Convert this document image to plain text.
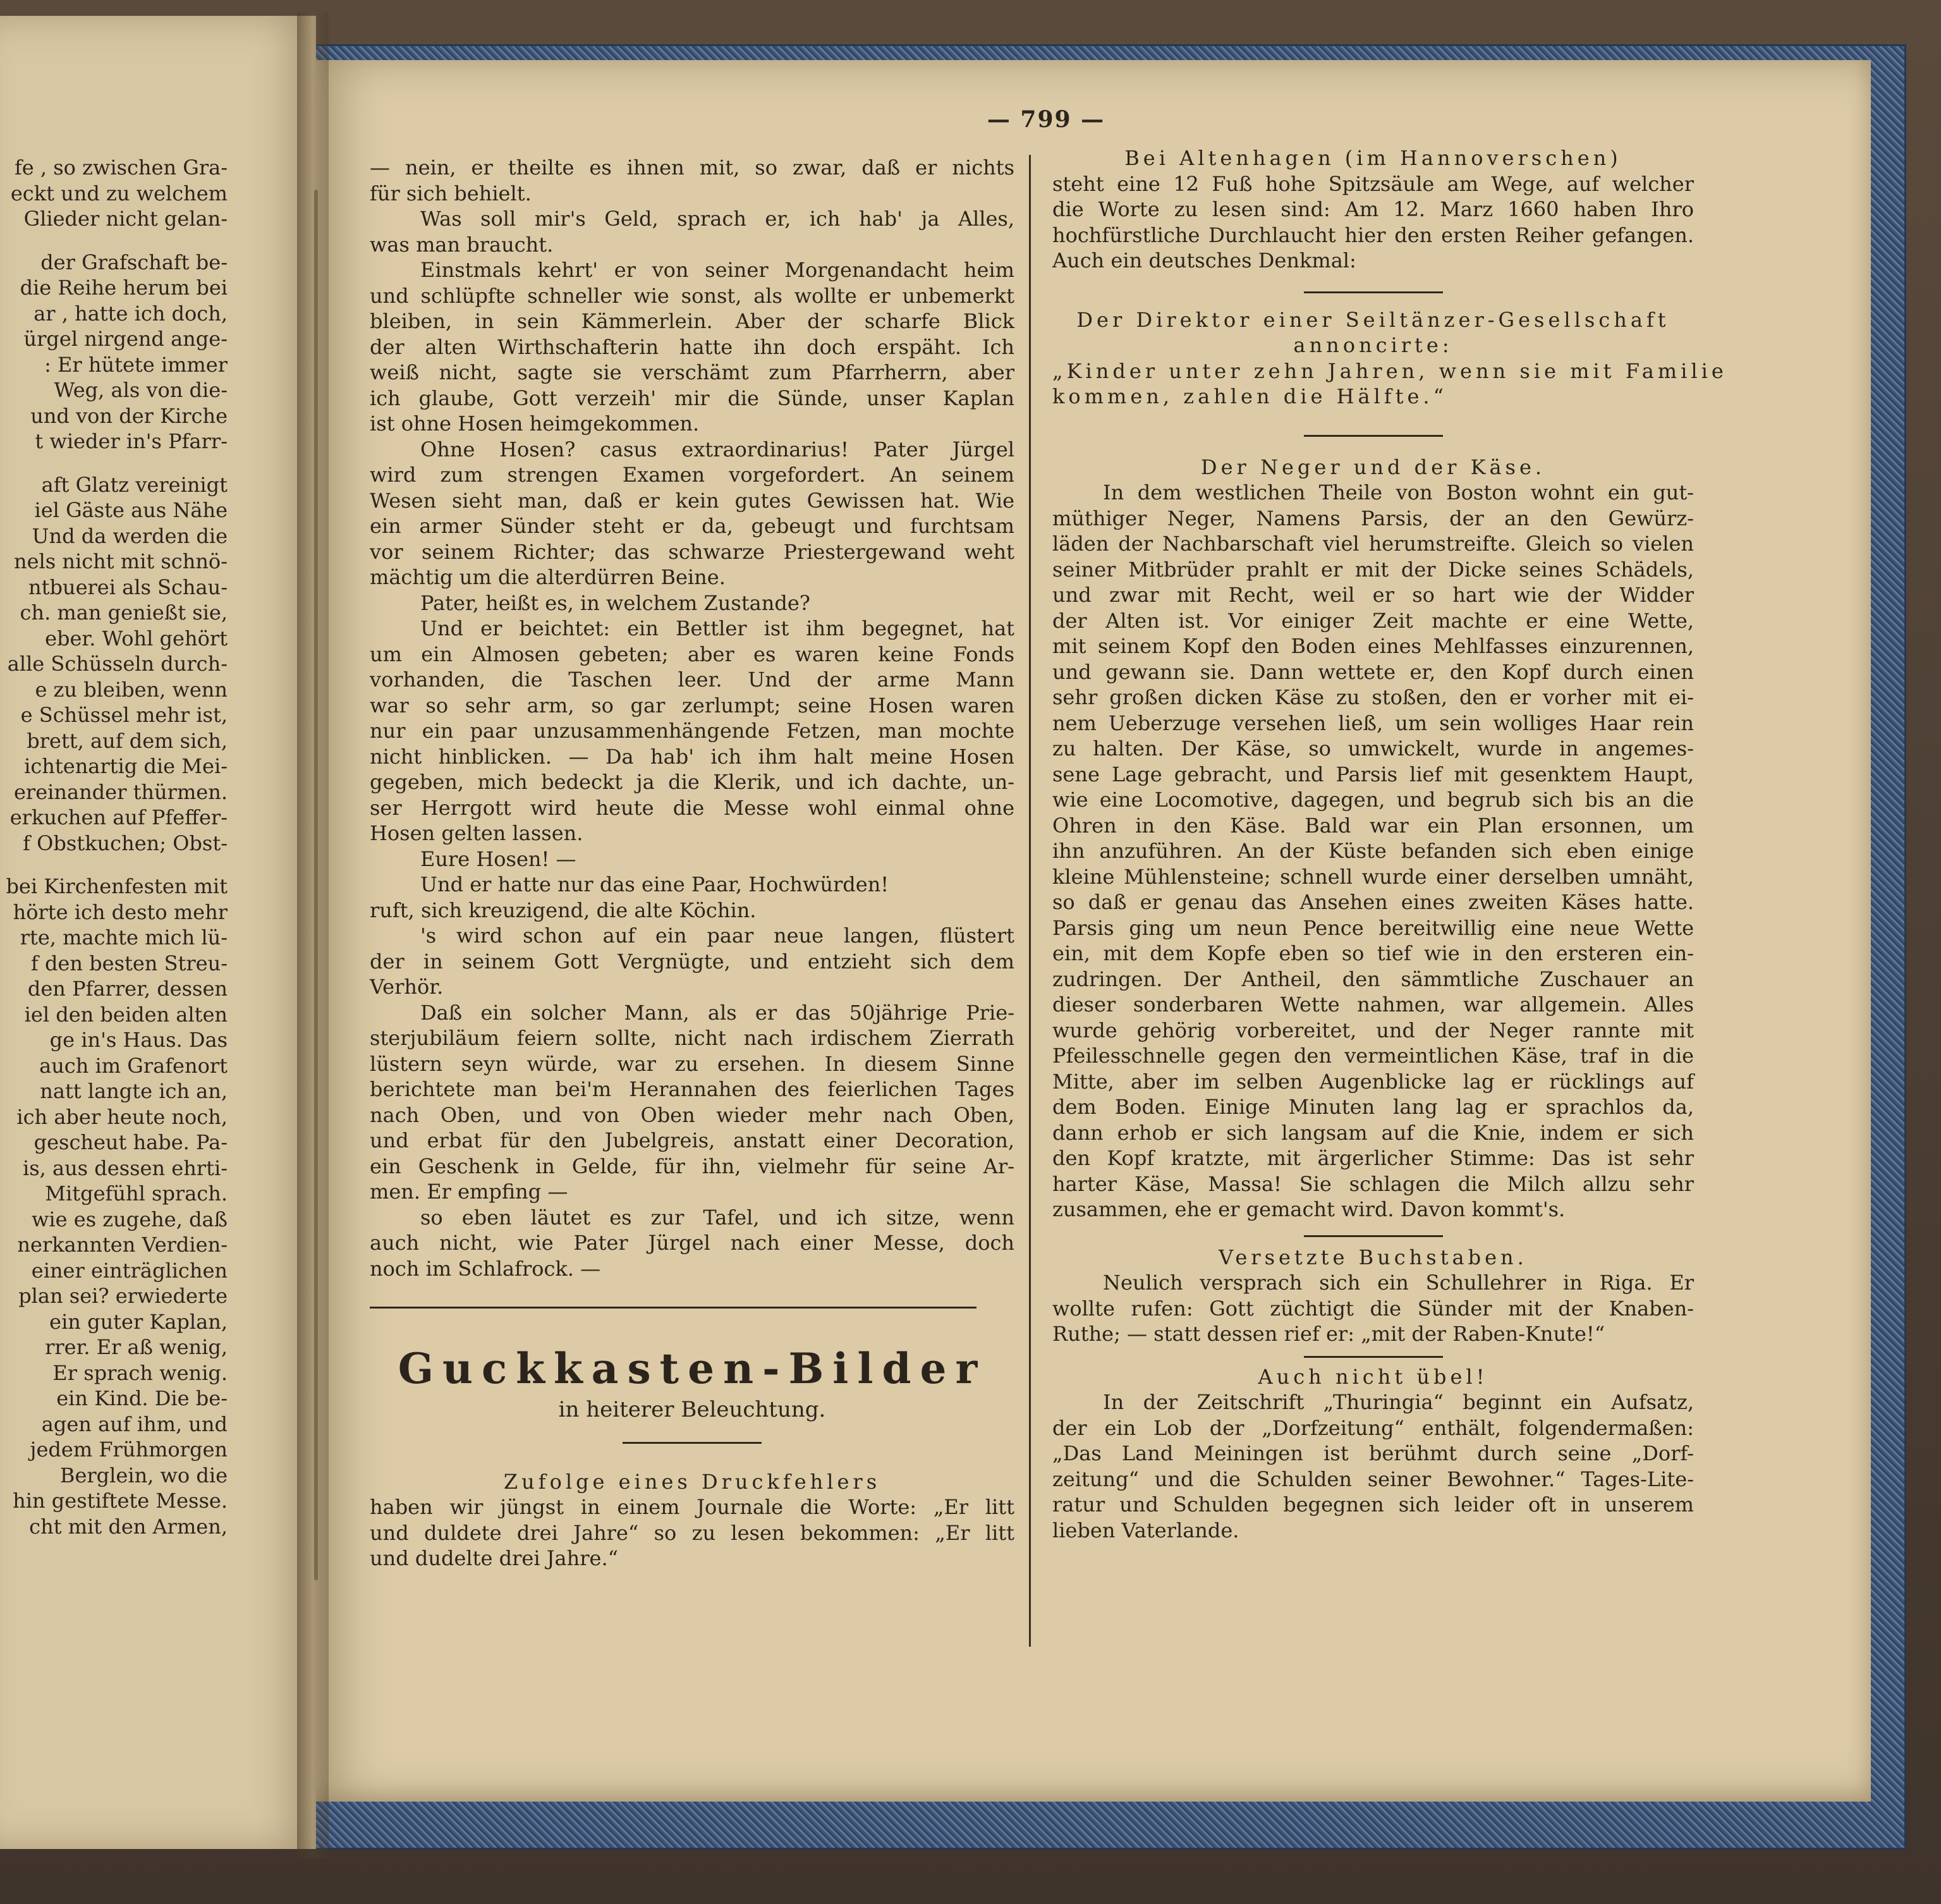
— 799 —
fe , so zwischen Gra-
eckt und zu welchem
Glieder nicht gelan-
der Grafschaft be-
die Reihe herum bei
ar , hatte ich doch,
ürgel nirgend ange-
: Er hütete immer
Weg, als von die-
und von der Kirche
t wieder in's Pfarr-
aft Glatz vereinigt
iel Gäste aus Nähe
Und da werden die
nels nicht mit schnö-
ntbuerei als Schau-
ch. man genießt sie,
eber. Wohl gehört
alle Schüsseln durch-
e zu bleiben, wenn
e Schüssel mehr ist,
brett, auf dem sich,
ichtenartig die Mei-
ereinander thürmen.
erkuchen auf Pfeffer-
f Obstkuchen; Obst-
bei Kirchenfesten mit
hörte ich desto mehr
rte, machte mich lü-
f den besten Streu-
den Pfarrer, dessen
iel den beiden alten
ge in's Haus. Das
auch im Grafenort
natt langte ich an,
ich aber heute noch,
gescheut habe. Pa-
is, aus dessen ehrti-
Mitgefühl sprach.
wie es zugehe, daß
nerkannten Verdien-
einer einträglichen
plan sei? erwiederte
ein guter Kaplan,
rrer. Er aß wenig,
Er sprach wenig.
ein Kind. Die be-
agen auf ihm, und
jedem Frühmorgen
Berglein, wo die
hin gestiftete Messe.
cht mit den Armen,
— nein, er theilte es ihnen mit, so zwar, daß er nichts
für sich behielt.
Was soll mir's Geld, sprach er, ich hab' ja Alles,
was man braucht.
Einstmals kehrt' er von seiner Morgenandacht heim
und schlüpfte schneller wie sonst, als wollte er unbemerkt
bleiben, in sein Kämmerlein. Aber der scharfe Blick
der alten Wirthschafterin hatte ihn doch erspäht. Ich
weiß nicht, sagte sie verschämt zum Pfarrherrn, aber
ich glaube, Gott verzeih' mir die Sünde, unser Kaplan
ist ohne Hosen heimgekommen.
Ohne Hosen? casus extraordinarius! Pater Jürgel
wird zum strengen Examen vorgefordert. An seinem
Wesen sieht man, daß er kein gutes Gewissen hat. Wie
ein armer Sünder steht er da, gebeugt und furchtsam
vor seinem Richter; das schwarze Priestergewand weht
mächtig um die alterdürren Beine.
Pater, heißt es, in welchem Zustande?
Und er beichtet: ein Bettler ist ihm begegnet, hat
um ein Almosen gebeten; aber es waren keine Fonds
vorhanden, die Taschen leer. Und der arme Mann
war so sehr arm, so gar zerlumpt; seine Hosen waren
nur ein paar unzusammenhängende Fetzen, man mochte
nicht hinblicken. — Da hab' ich ihm halt meine Hosen
gegeben, mich bedeckt ja die Klerik, und ich dachte, un-
ser Herrgott wird heute die Messe wohl einmal ohne
Hosen gelten lassen.
Eure Hosen! —
Und er hatte nur das eine Paar, Hochwürden!
ruft, sich kreuzigend, die alte Köchin.
's wird schon auf ein paar neue langen, flüstert
der in seinem Gott Vergnügte, und entzieht sich dem
Verhör.
Daß ein solcher Mann, als er das 50jährige Prie-
sterjubiläum feiern sollte, nicht nach irdischem Zierrath
lüstern seyn würde, war zu ersehen. In diesem Sinne
berichtete man bei'm Herannahen des feierlichen Tages
nach Oben, und von Oben wieder mehr nach Oben,
und erbat für den Jubelgreis, anstatt einer Decoration,
ein Geschenk in Gelde, für ihn, vielmehr für seine Ar-
men. Er empfing —
so eben läutet es zur Tafel, und ich sitze, wenn
auch nicht, wie Pater Jürgel nach einer Messe, doch
noch im Schlafrock. —
Guckkasten-Bilder
in heiterer Beleuchtung.
Zufolge eines Druckfehlers
haben wir jüngst in einem Journale die Worte: „Er litt
und duldete drei Jahre“ so zu lesen bekommen: „Er litt
und dudelte drei Jahre.“
Bei Altenhagen (im Hannoverschen)
steht eine 12 Fuß hohe Spitzsäule am Wege, auf welcher
die Worte zu lesen sind: Am 12. Marz 1660 haben Ihro
hochfürstliche Durchlaucht hier den ersten Reiher gefangen.
Auch ein deutsches Denkmal:
Der Direktor einer Seiltänzer-Gesellschaft
annoncirte:
„Kinder unter zehn Jahren, wenn sie mit Familie
kommen, zahlen die Hälfte.“
Der Neger und der Käse.
In dem westlichen Theile von Boston wohnt ein gut-
müthiger Neger, Namens Parsis, der an den Gewürz-
läden der Nachbarschaft viel herumstreifte. Gleich so vielen
seiner Mitbrüder prahlt er mit der Dicke seines Schädels,
und zwar mit Recht, weil er so hart wie der Widder
der Alten ist. Vor einiger Zeit machte er eine Wette,
mit seinem Kopf den Boden eines Mehlfasses einzurennen,
und gewann sie. Dann wettete er, den Kopf durch einen
sehr großen dicken Käse zu stoßen, den er vorher mit ei-
nem Ueberzuge versehen ließ, um sein wolliges Haar rein
zu halten. Der Käse, so umwickelt, wurde in angemes-
sene Lage gebracht, und Parsis lief mit gesenktem Haupt,
wie eine Locomotive, dagegen, und begrub sich bis an die
Ohren in den Käse. Bald war ein Plan ersonnen, um
ihn anzuführen. An der Küste befanden sich eben einige
kleine Mühlensteine; schnell wurde einer derselben umnäht,
so daß er genau das Ansehen eines zweiten Käses hatte.
Parsis ging um neun Pence bereitwillig eine neue Wette
ein, mit dem Kopfe eben so tief wie in den ersteren ein-
zudringen. Der Antheil, den sämmtliche Zuschauer an
dieser sonderbaren Wette nahmen, war allgemein. Alles
wurde gehörig vorbereitet, und der Neger rannte mit
Pfeilesschnelle gegen den vermeintlichen Käse, traf in die
Mitte, aber im selben Augenblicke lag er rücklings auf
dem Boden. Einige Minuten lang lag er sprachlos da,
dann erhob er sich langsam auf die Knie, indem er sich
den Kopf kratzte, mit ärgerlicher Stimme: Das ist sehr
harter Käse, Massa! Sie schlagen die Milch allzu sehr
zusammen, ehe er gemacht wird. Davon kommt's.
Versetzte Buchstaben.
Neulich versprach sich ein Schullehrer in Riga. Er
wollte rufen: Gott züchtigt die Sünder mit der Knaben-
Ruthe; — statt dessen rief er: „mit der Raben-Knute!“
Auch nicht übel!
In der Zeitschrift „Thuringia“ beginnt ein Aufsatz,
der ein Lob der „Dorfzeitung“ enthält, folgendermaßen:
„Das Land Meiningen ist berühmt durch seine „Dorf-
zeitung“ und die Schulden seiner Bewohner.“ Tages-Lite-
ratur und Schulden begegnen sich leider oft in unserem
lieben Vaterlande.
